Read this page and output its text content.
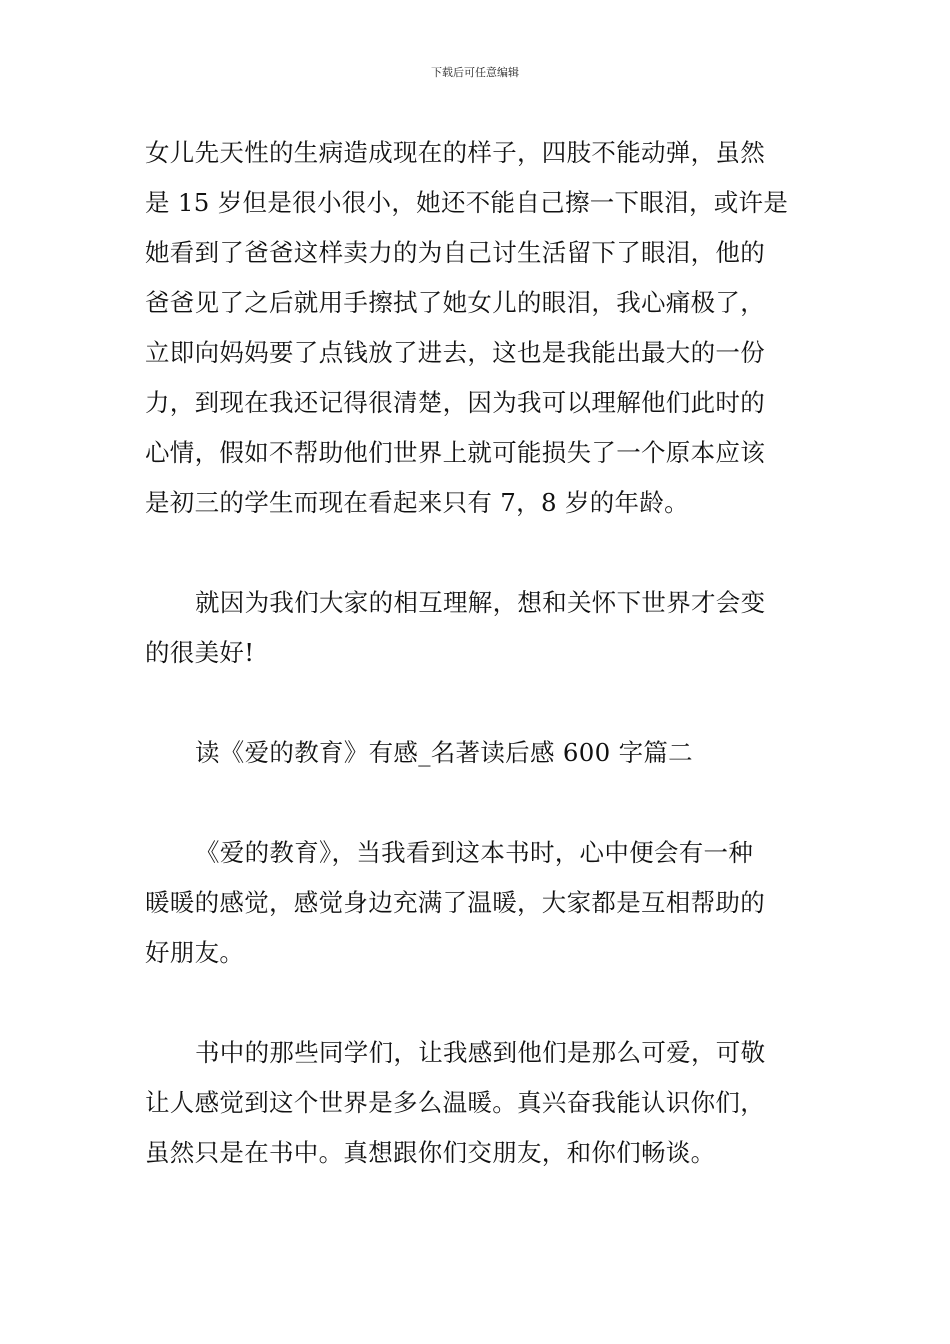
下载后可任意编辑
女儿先天性的生病造成现在的样子，四肢不能动弹，虽然
是 15 岁但是很小很小，她还不能自己擦一下眼泪，或许是
她看到了爸爸这样卖力的为自己讨生活留下了眼泪，他的
爸爸见了之后就用手擦拭了她女儿的眼泪，我心痛极了，
立即向妈妈要了点钱放了进去，这也是我能出最大的一份
力，到现在我还记得很清楚，因为我可以理解他们此时的
心情，假如不帮助他们世界上就可能损失了一个原本应该
是初三的学生而现在看起来只有 7，8 岁的年龄。
就因为我们大家的相互理解，想和关怀下世界才会变
的很美好!
读《爱的教育》有感_名著读后感 600 字篇二
《爱的教育》，当我看到这本书时，心中便会有一种
暖暖的感觉，感觉身边充满了温暖，大家都是互相帮助的
好朋友。
书中的那些同学们，让我感到他们是那么可爱，可敬
让人感觉到这个世界是多么温暖。真兴奋我能认识你们，
虽然只是在书中。真想跟你们交朋友，和你们畅谈。
